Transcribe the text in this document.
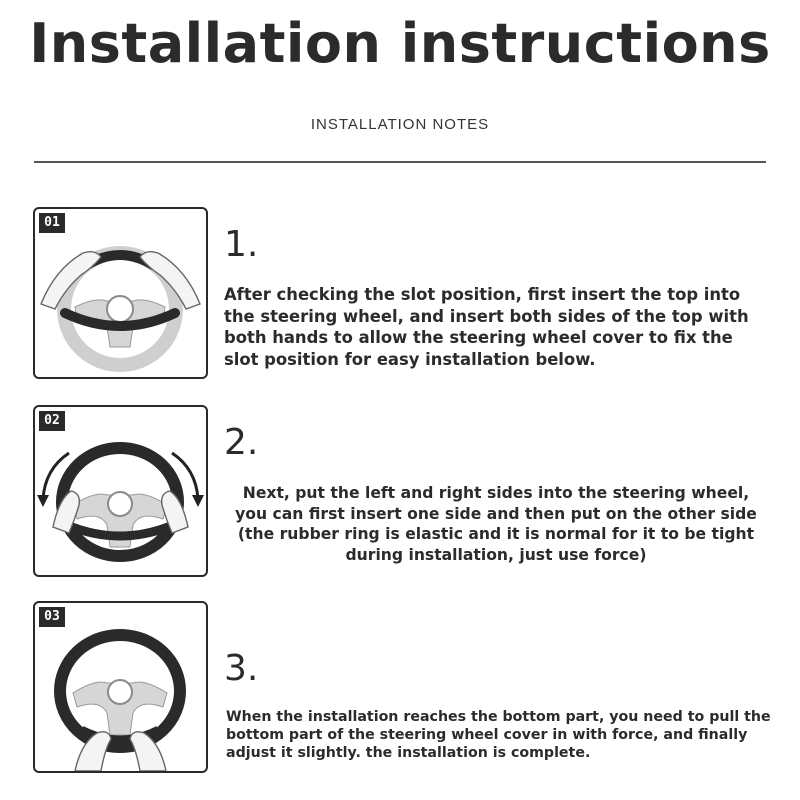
Installation instructions
INSTALLATION NOTES
01
1.
After checking the slot position, first insert the top into the steering wheel, and insert both sides of the top with both hands to allow the steering wheel cover to fix the slot position for easy installation below.
02
2.
Next, put the left and right sides into the steering wheel, you can first insert one side and then put on the other side (the rubber ring is elastic and it is normal for it to be tight during installation, just use force)
03
3.
When the installation reaches the bottom part, you need to pull the bottom part of the steering wheel cover in with force, and finally adjust it slightly. the installation is complete.
